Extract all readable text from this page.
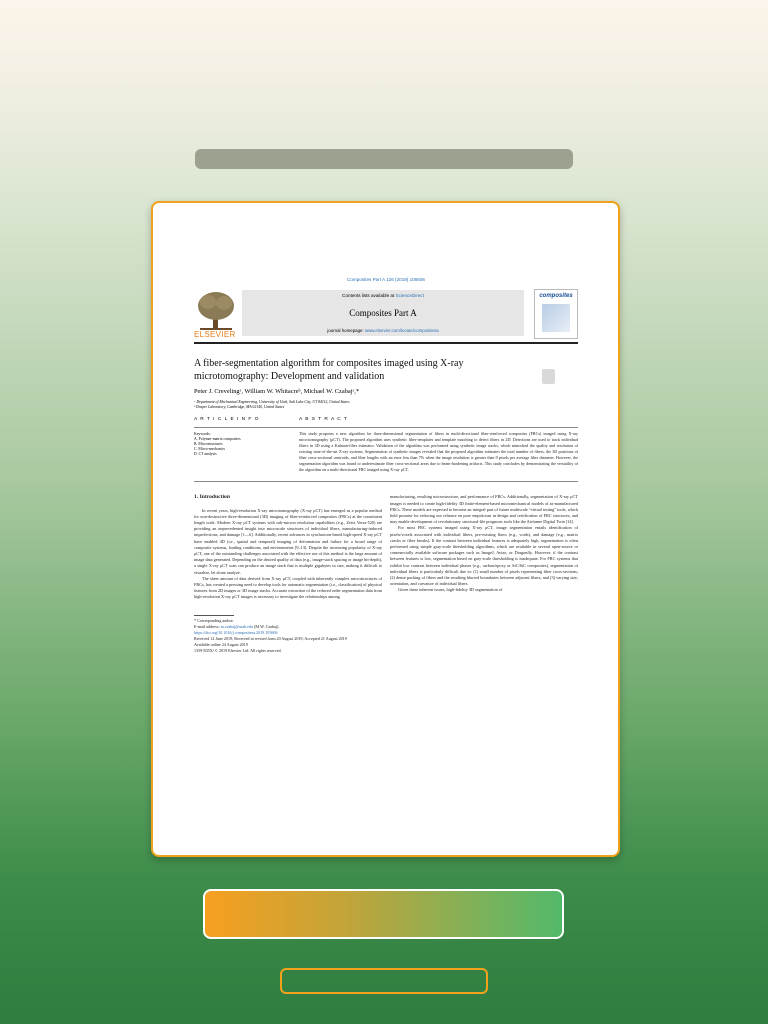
Composites Part A 126 (2019) 105606
ELSEVIER
Contents lists available at ScienceDirect
Composites Part A
journal homepage: www.elsevier.com/locate/compositesa
composites
A fiber-segmentation algorithm for composites imaged using X-ray microtomography: Development and validation
Peter J. Crevelingᵃ, William W. Whitacreᵇ, Michael W. Czabajᵃ,*
ᵃ Department of Mechanical Engineering, University of Utah, Salt Lake City, UT 84112, United States
ᵇ Draper Laboratory, Cambridge, MA 02140, United States
A R T I C L E I N F O
Keywords:
A. Polymer-matrix composites
B. Microstructures
C. Micro-mechanics
D. CT analysis
A B S T R A C T
This study proposes a new algorithm for three-dimensional segmentation of fibers in multi-directional fiber-reinforced composites (FRCs) imaged using X-ray microtomography (μCT). The proposed algorithm uses synthetic fiber-templates and template matching to detect fibers in 2D. Detections are used to track individual fibers in 3D using a Kalman-filter estimator. Validation of the algorithm was performed using synthetic image stacks, which mimicked the quality and resolution of existing state-of-the-art X-ray systems. Segmentation of synthetic images revealed that the proposed algorithm estimates the total number of fibers, the 3D positions of fiber cross-sectional centroids, and fiber lengths with an error less than 7% when the image resolution is greater than 9 pixels per average fiber diameter. However, the segmentation algorithm was found to underestimate fiber cross-sectional areas due to beam-hardening artifacts. This study concludes by demonstrating the versatility of the algorithm on a multi-directional FRC imaged using X-ray μCT.
1. Introduction

In recent years, high-resolution X-ray microtomography (X-ray μCT) has emerged as a popular method for non-destructive three-dimensional (3D) imaging of fiber-reinforced composites (FRCs) at the constituent length scale. Modern X-ray μCT systems with sub-micron resolution capabilities (e.g., Zeiss Versa-520) are providing an unprecedented insight into microscale structures of individual fibers, manufacturing-induced imperfections, and damage [1—6]. Additionally, recent advances in synchrotron-based high-speed X-ray μCT have enabled 4D (i.e., spatial and temporal) imaging of deformation and failure for a broad range of composite systems, loading conditions, and environments [9–13]. Despite the increasing popularity of X-ray μCT, one of the outstanding challenges associated with the effective use of this method is the large amount of image data generated. Depending on the desired quality of data (e.g., image-stack spacing or image bit-depth), a single X-ray μCT scan can produce an image stack that is multiple gigabytes in size, making it difficult to visualize, let alone analyze.

The sheer amount of data derived from X-ray μCT, coupled with inherently complex microstructures of FRCs, has created a pressing need to develop tools for automatic segmentation (i.e., classification) of physical features from 2D images or 3D image stacks. Accurate extraction of the reduced order segmentation data from high-resolution X-ray μCT images is necessary to investigate the relationships among

manufacturing, resulting microstructure, and performance of FRCs. Additionally, segmentation of X-ray μCT images is needed to create high-fidelity 3D finite-element-based micromechanical models of as-manufactured FRCs. These models are expected to become an integral part of future multiscale “virtual testing” tools, which hold promise for reducing our reliance on pure empiricism in design and certification of FRC structures, and may enable development of revolutionary structural-life prognosis tools like the Airframe Digital Twin [14].

For most FRC systems imaged using X-ray μCT, image segmentation entails identification of pixels/voxels associated with individual fibers, pre-existing flaws (e.g., voids), and damage (e.g., matrix cracks or fiber breaks). If the contrast between individual features is adequately high, segmentation is often performed using simple gray-scale thresholding algorithms, which are available in several open-source or commercially available software packages such as ImageJ, Avizo, or Dragonfly. However, if the contrast between features is low, segmentation based on gray-scale thresholding is inadequate. For FRC systems that exhibit low contrast between individual phases (e.g., carbon/epoxy or SiC/SiC composites), segmentation of individual fibers is particularly difficult due to: (1) small number of pixels representing fiber cross-sections; (2) dense packing of fibers and the resulting blurred boundaries between adjacent fibers; and (3) varying size, orientation, and curvature of individual fibers.

Given these inherent issues, high-fidelity 3D segmentation of

* Corresponding author.
E-mail address: m.czabaj@utah.edu (M.W. Czabaj).
https://doi.org/10.1016/j.compositesa.2019.105606
Received 12 June 2019; Received in revised form 20 August 2019; Accepted 21 August 2019
Available online 24 August 2019
1359-835X/ © 2019 Elsevier Ltd. All rights reserved.
